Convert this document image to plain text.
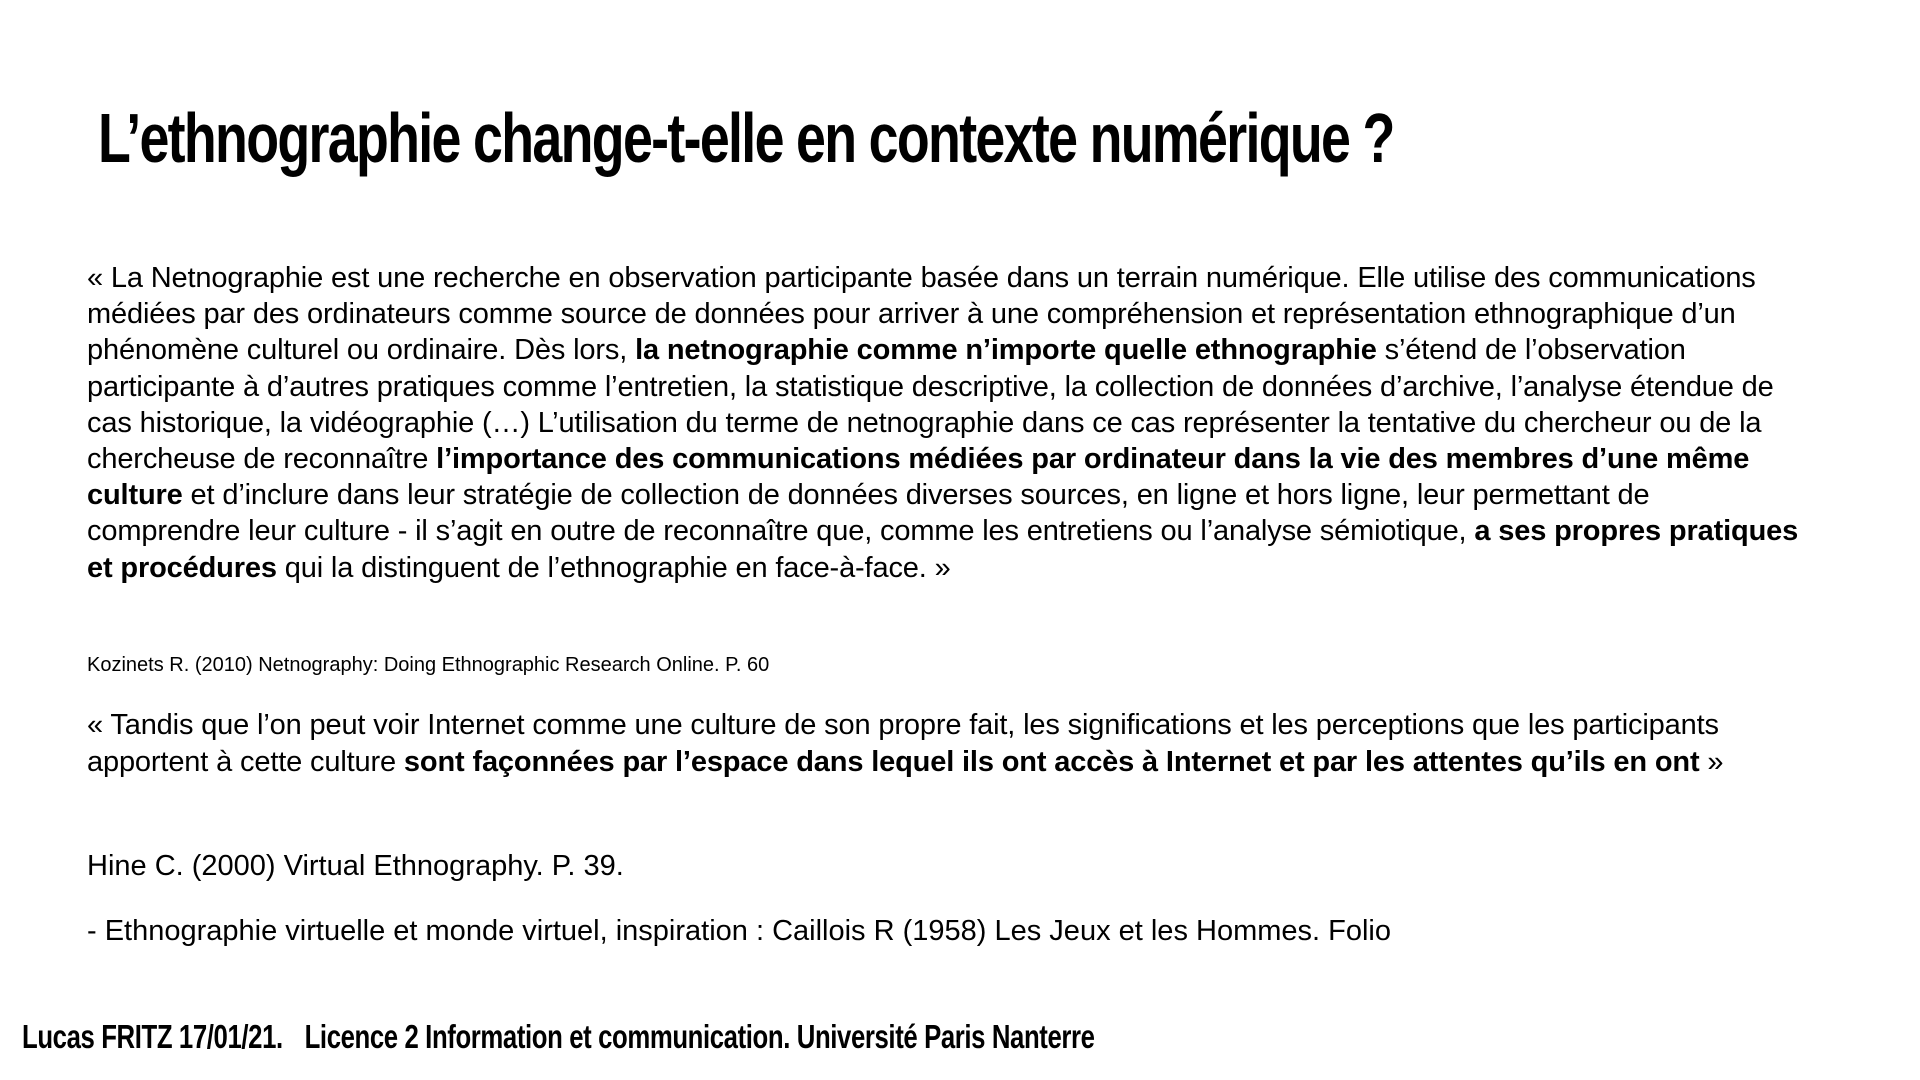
L’ethnographie change-t-elle en contexte numérique ?
« La Netnographie est une recherche en observation participante basée dans un terrain numérique. Elle utilise des communications médiées par des ordinateurs comme source de données pour arriver à une compréhension et représentation ethnographique d’un phénomène culturel ou ordinaire. Dès lors, la netnographie comme n’importe quelle ethnographie s’étend de l’observation participante à d’autres pratiques comme l’entretien, la statistique descriptive, la collection de données d’archive, l’analyse étendue de cas historique, la vidéographie (…) L’utilisation du terme de netnographie dans ce cas représenter la tentative du chercheur ou de la chercheuse de reconnaître l’importance des communications médiées par ordinateur dans la vie des membres d’une même culture et d’inclure dans leur stratégie de collection de données diverses sources, en ligne et hors ligne, leur permettant de comprendre leur culture - il s’agit en outre de reconnaître que, comme les entretiens ou l’analyse sémiotique, a ses propres pratiques et procédures qui la distinguent de l’ethnographie en face-à-face. »
Kozinets R. (2010) Netnography: Doing Ethnographic Research Online. P. 60
« Tandis que l’on peut voir Internet comme une culture de son propre fait, les significations et les perceptions que les participants apportent à cette culture sont façonnées par l’espace dans lequel ils ont accès à Internet et par les attentes qu’ils en ont »
Hine C. (2000) Virtual Ethnography. P. 39.
- Ethnographie virtuelle et monde virtuel, inspiration : Caillois R (1958) Les Jeux et les Hommes. Folio
Lucas FRITZ 17/01/21. Licence 2 Information et communication. Université Paris Nanterre
